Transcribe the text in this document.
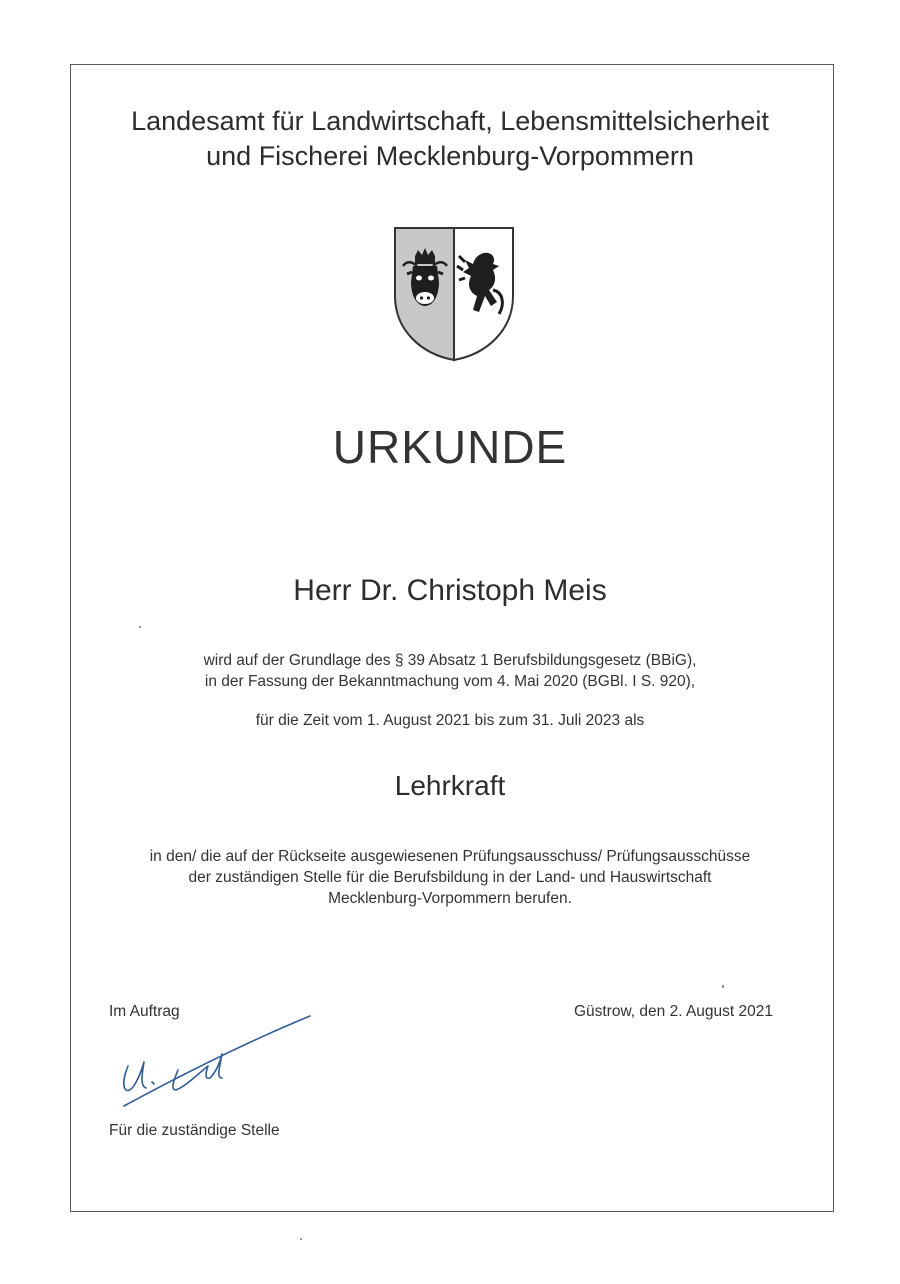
Landesamt für Landwirtschaft, Lebensmittelsicherheit
und Fischerei Mecklenburg-Vorpommern
URKUNDE
Herr Dr. Christoph Meis
wird auf der Grundlage des § 39 Absatz 1 Berufsbildungsgesetz (BBiG),
in der Fassung der Bekanntmachung vom 4. Mai 2020 (BGBl. I S. 920),
für die Zeit vom 1. August 2021 bis zum 31. Juli 2023 als
Lehrkraft
in den/ die auf der Rückseite ausgewiesenen Prüfungsausschuss/ Prüfungsausschüsse
der zuständigen Stelle für die Berufsbildung in der Land- und Hauswirtschaft
Mecklenburg-Vorpommern berufen.
Im Auftrag	Güstrow, den 2. August 2021
Für die zuständige Stelle
